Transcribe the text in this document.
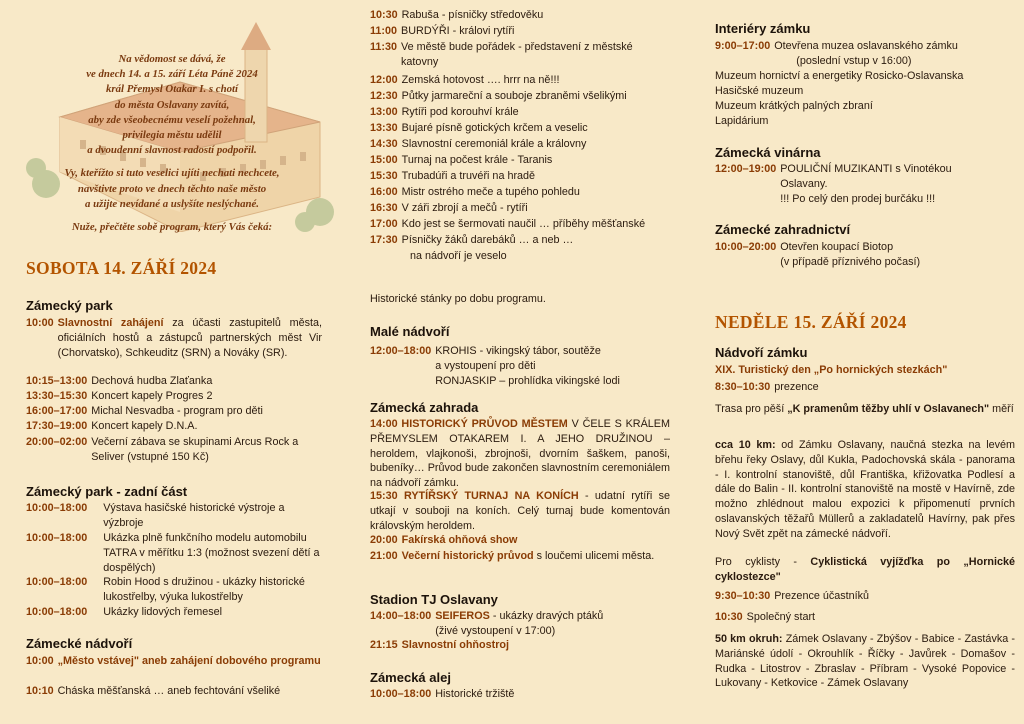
Na vědomost se dává, že
ve dnech 14. a 15. září Léta Páně 2024
král Přemysl Otakar I. s chotí
do města Oslavany zavítá,
aby zde všeobecnému veselí požehnal,
privilegia městu udělil
a dvoudenní slavnost radostí podpořil.

Vy, kteřížto si tuto veselici ujíti nechati nechcete,
navštivte proto ve dnech těchto naše město
a užijte nevídané a uslyšíte neslýchané.

Nuže, přečtěte sobě program, který Vás čeká:

SOBOTA 14. ZÁŘÍ 2024
Zámecký park
10:00 Slavnostní zahájení za účasti zastupitelů města, oficiálních hostů a zástupců partnerských měst Vir (Chorvatsko), Schkeuditz (SRN) a Nováky (SR).
10:15–13:00 Dechová hudba Zlaťanka
13:30–15:30 Koncert kapely Progres 2
16:00–17:00 Michal Nesvadba - program pro děti
17:30–19:00 Koncert kapely D.N.A.
20:00–02:00 Večerní zábava se skupinami Arcus Rock a Seliver (vstupné 150 Kč)
Zámecký park - zadní část
10:00–18:00	Výstava hasičské historické výstroje a výzbroje
10:00–18:00	Ukázka plně funkčního modelu automobilu TATRA v měřítku 1:3 (možnost svezení dětí a dospělých)
10:00–18:00	Robin Hood s družinou - ukázky historické lukostřelby, výuka lukostřelby
10:00–18:00	Ukázky lidových řemesel
Zámecké nádvoří
10:00 „Město vstávej" aneb zahájení dobového programu
10:10 Cháska měšťanská … aneb fechtování všeliké
10:30 Rabuša - písničky středověku
11:00 BURDÝŘI - královi rytíři
11:30 Ve městě bude pořádek - představení z městské katovny
12:00 Zemská hotovost …. hrrr na ně!!!
12:30 Půtky jarmareční a souboje zbraněmi všelikými
13:00 Rytíři pod korouhví krále
13:30 Bujaré písně gotických krčem a veselic
14:30 Slavnostní ceremoniál krále a královny
15:00 Turnaj na počest krále - Taranis
15:30 Trubadúři a truvéři na hradě
16:00 Mistr ostrého meče a tupého pohledu
16:30 V záři zbrojí a mečů - rytíři
17:00 Kdo jest se šermovati naučil … příběhy měšťanské
17:30 Písničky žáků darebáků … a neb …
na nádvoří je veselo
Historické stánky po dobu programu.
Malé nádvoří
12:00–18:00 KROHIS - vikingský tábor, soutěže
a vystoupení pro děti
RONJASKIP – prohlídka vikingské lodi
Zámecká zahrada
14:00 HISTORICKÝ PRŮVOD MĚSTEM V ČELE S KRÁLEM PŘEMYSLEM OTAKAREM I. A JEHO DRUŽINOU – heroldem, vlajkonoši, zbrojnoši, dvorním šaškem, panoši, bubeníky… Průvod bude zakončen slavnostním ceremoniálem na nádvoří zámku.
15:30 RYTÍŘSKÝ TURNAJ NA KONÍCH - udatní rytíři se utkají v souboji na koních. Celý turnaj bude komentován královským heroldem.
20:00 Fakírská ohňová show
21:00 Večerní historický průvod s loučemi ulicemi města.
Stadion TJ Oslavany
14:00–18:00 SEIFEROS - ukázky dravých ptáků
(živé vystoupení v 17:00)
21:15 Slavnostní ohňostroj
Zámecká alej
10:00–18:00 Historické tržiště
Interiéry zámku
9:00–17:00 Otevřena muzea oslavanského zámku
(poslední vstup v 16:00)
Muzeum hornictví a energetiky Rosicko-Oslavanska
Hasičské muzeum
Muzeum krátkých palných zbraní
Lapidárium
Zámecká vinárna
12:00–19:00 POULIČNÍ MUZIKANTI s Vinotékou
Oslavany.
!!! Po celý den prodej burčáku !!!
Zámecké zahradnictví
10:00–20:00 Otevřen koupací Biotop
(v případě příznivého počasí)
NEDĚLE 15. ZÁŘÍ 2024
Nádvoří zámku
XIX. Turistický den „Po hornických stezkách"
8:30–10:30 prezence
Trasa pro pěší „K pramenům těžby uhlí v Oslavanech" měří
cca 10 km: od Zámku Oslavany, naučná stezka na levém břehu řeky Oslavy, důl Kukla, Padochovská skála - panorama - I. kontrolní stanoviště, důl Františka, křižovatka Podlesí a dále do Balin - II. kontrolní stanoviště na mostě v Havírně, zde možno zhlédnout malou expozici k připomenutí prvních oslavanských těžařů Müllerů a zakladatelů Havírny, pak přes Nový Svět zpět na zámecké nádvoří.
Pro cyklisty - Cyklistická vyjížďka po „Hornické cyklostezce"
9:30–10:30 Prezence účastníků
10:30 Společný start
50 km okruh: Zámek Oslavany - Zbýšov - Babice - Zastávka - Mariánské údolí - Okrouhlík - Říčky - Javůrek - Domašov - Rudka - Litostrov - Zbraslav - Příbram - Vysoké Popovice - Lukovany - Ketkovice - Zámek Oslavany
